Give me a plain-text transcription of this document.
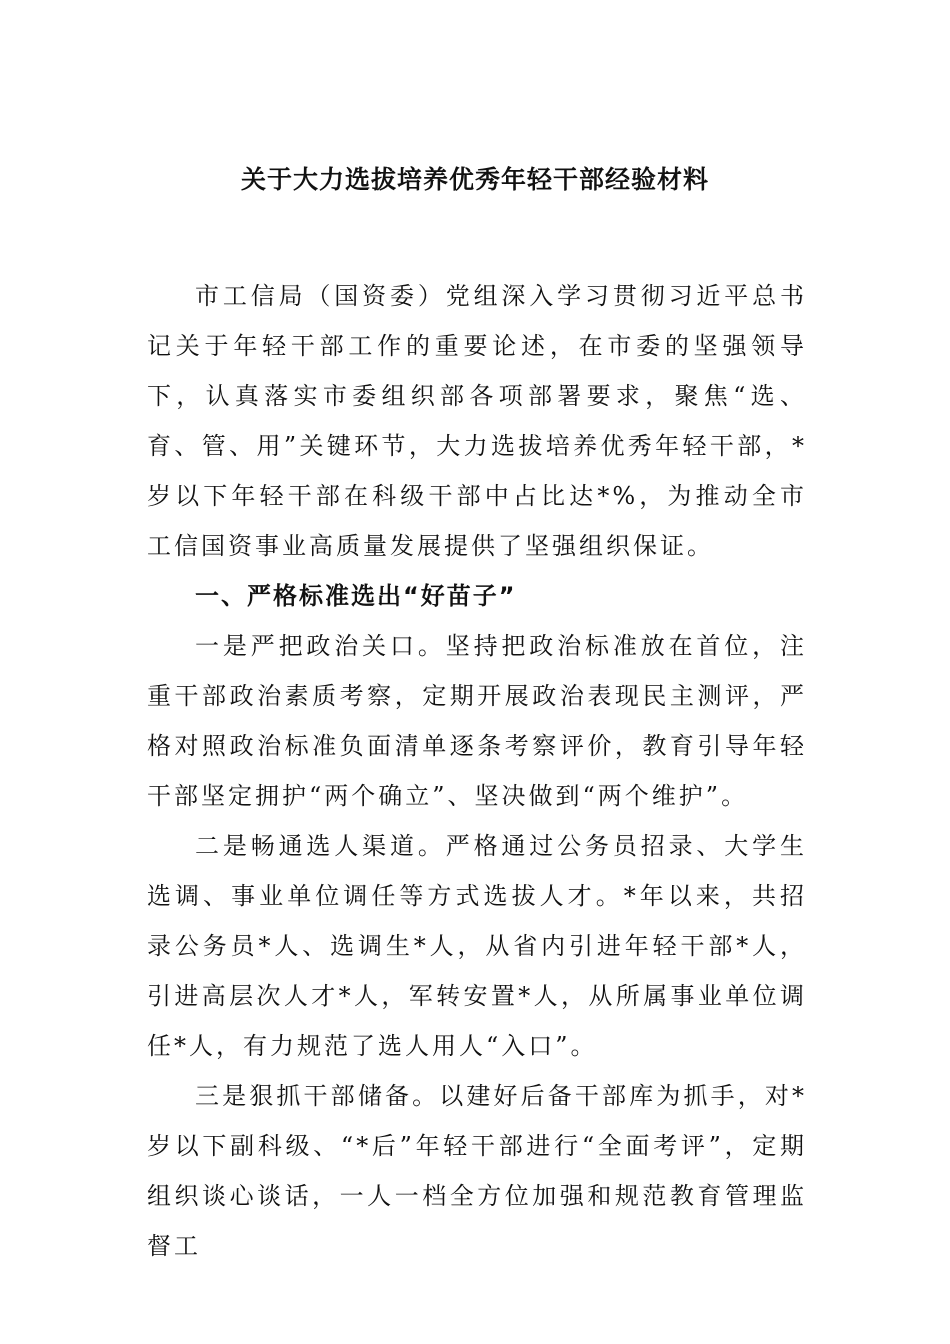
关于大力选拔培养优秀年轻干部经验材料

市工信局（国资委）党组深入学习贯彻习近平总书记关于年轻干部工作的重要论述，在市委的坚强领导下，认真落实市委组织部各项部署要求，聚焦“选、育、管、用”关键环节，大力选拔培养优秀年轻干部，*岁以下年轻干部在科级干部中占比达*%，为推动全市工信国资事业高质量发展提供了坚强组织保证。

一、严格标准选出“好苗子”

一是严把政治关口。坚持把政治标准放在首位，注重干部政治素质考察，定期开展政治表现民主测评，严格对照政治标准负面清单逐条考察评价，教育引导年轻干部坚定拥护“两个确立”、坚决做到“两个维护”。

二是畅通选人渠道。严格通过公务员招录、大学生选调、事业单位调任等方式选拔人才。*年以来，共招录公务员*人、选调生*人，从省内引进年轻干部*人，引进高层次人才*人，军转安置*人，从所属事业单位调任*人，有力规范了选人用人“入口”。

三是狠抓干部储备。以建好后备干部库为抓手，对*岁以下副科级、“*后”年轻干部进行“全面考评”，定期组织谈心谈话，一人一档全方位加强和规范教育管理监督工
